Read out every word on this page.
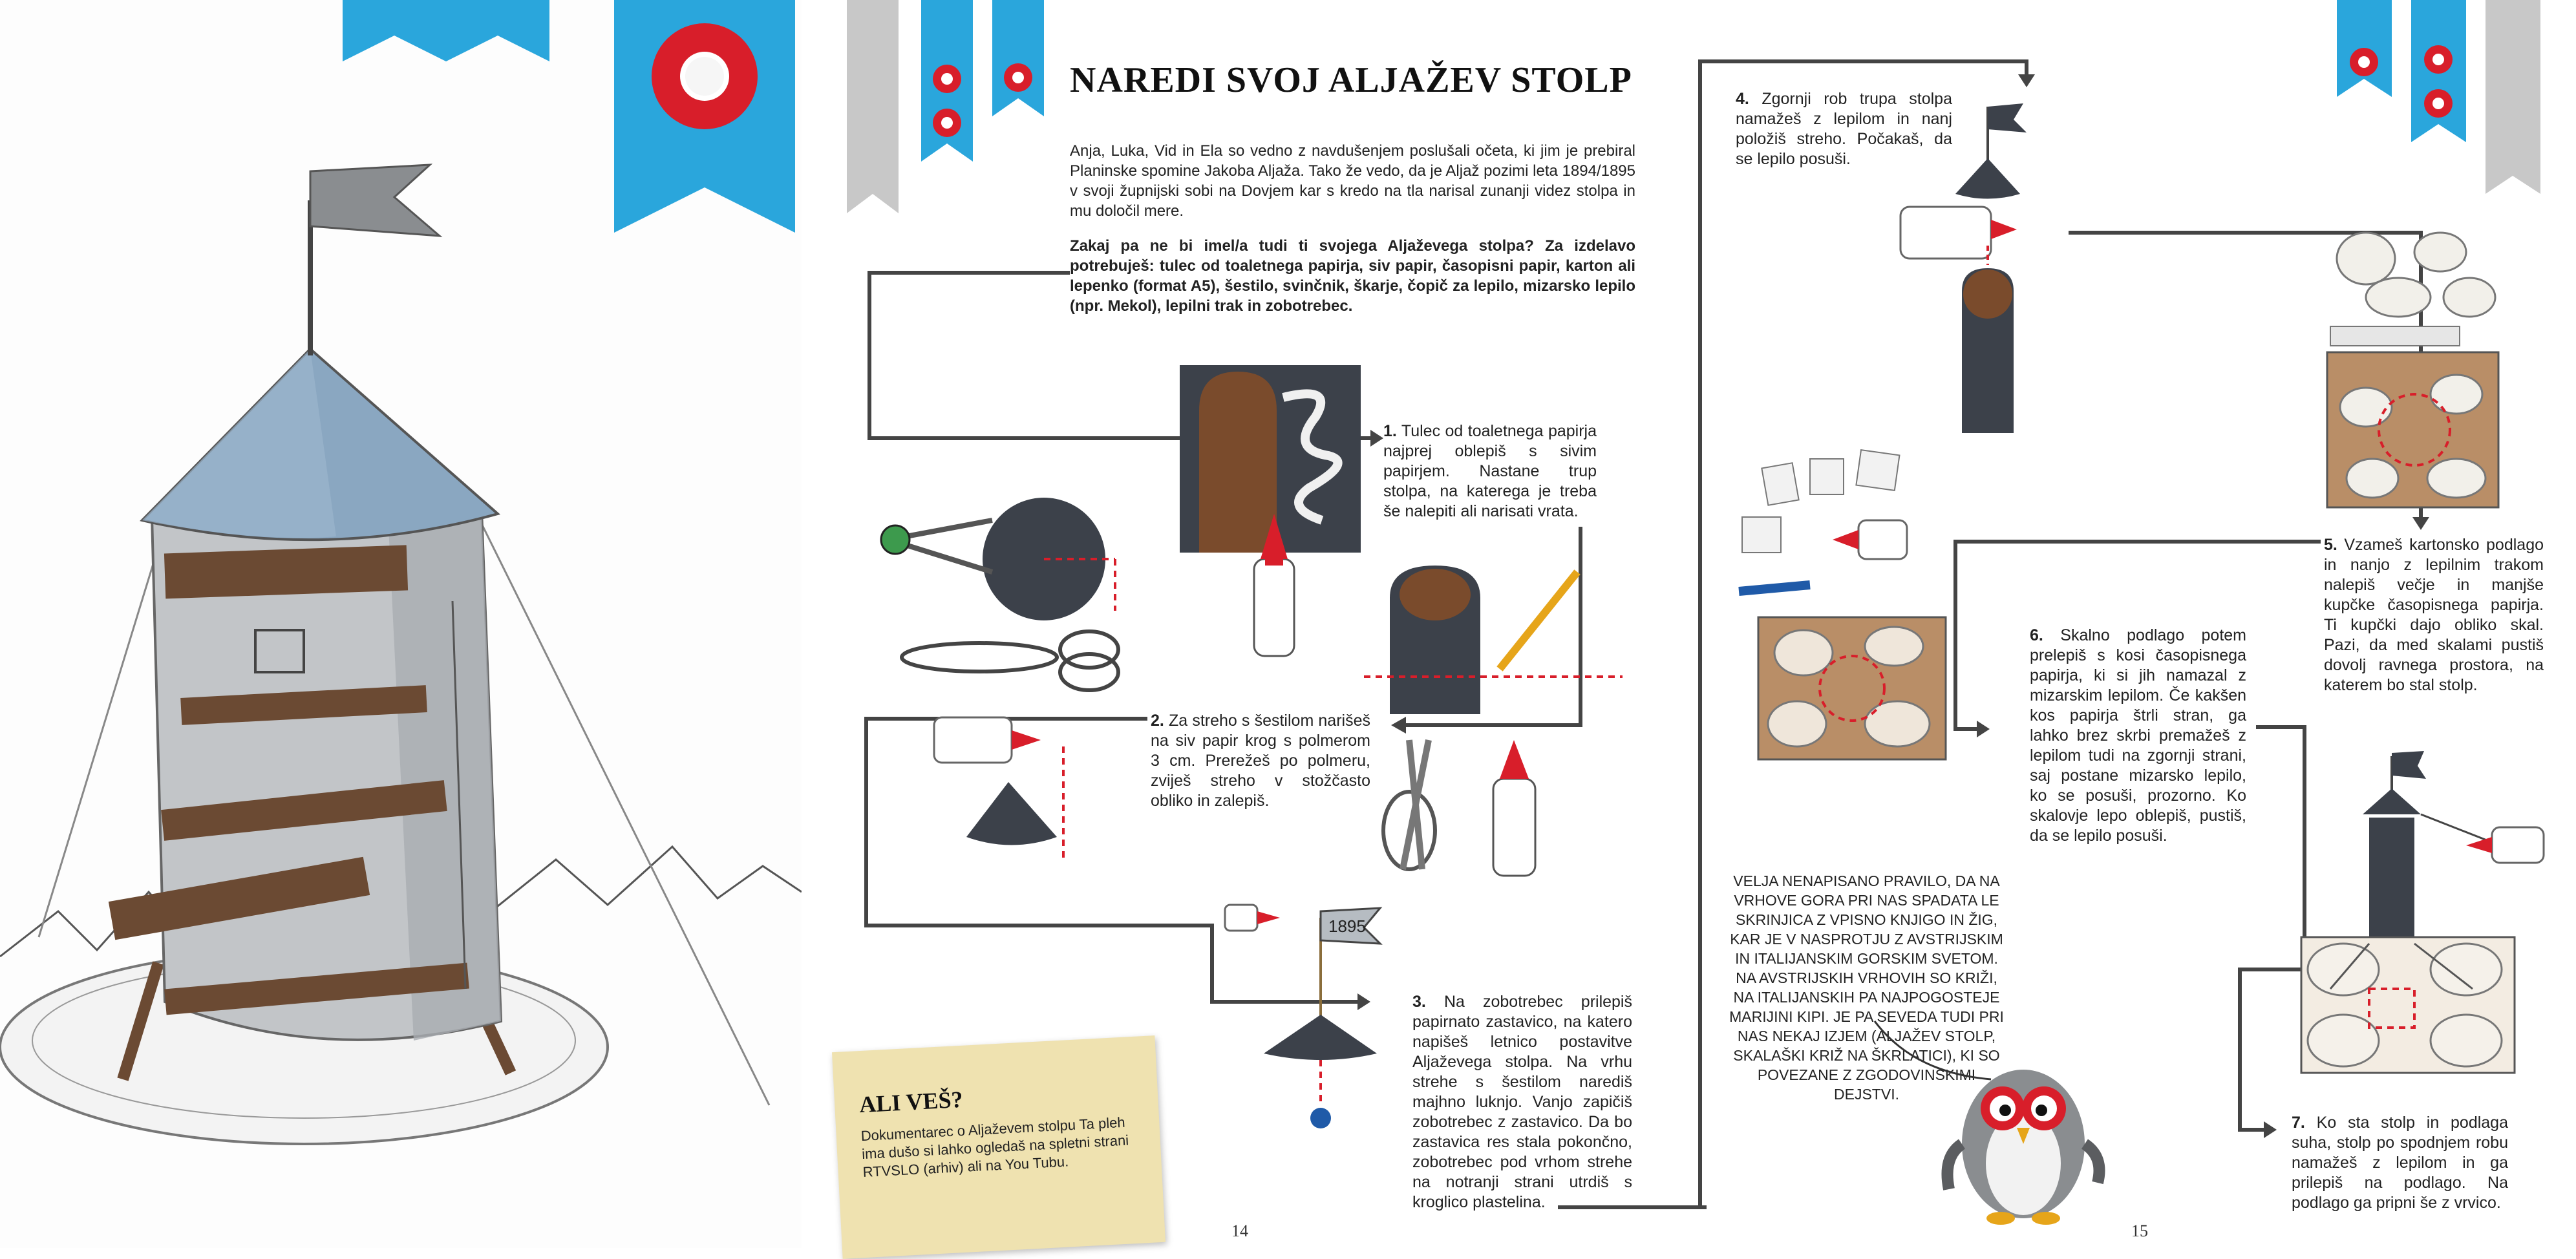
NAREDI SVOJ ALJAŽEV STOLP
Anja, Luka, Vid in Ela so vedno z navdušenjem poslušali očeta, ki jim je prebiral Planinske spomine Jakoba Aljaža. Tako že vedo, da je Aljaž pozimi leta 1894/1895 v svoji župnijski sobi na Dovjem kar s kredo na tla narisal zunanji videz stolpa in mu določil mere.
Zakaj pa ne bi imel/a tudi ti svojega Aljaževega stolpa? Za izdelavo potrebuješ: tulec od toaletnega papirja, siv papir, časopisni papir, karton ali lepenko (format A5), šestilo, svinčnik, škarje, čopič za lepilo, mizarsko lepilo (npr. Mekol), lepilni trak in zobotrebec.
1. Tulec od toaletnega papirja najprej oblepiš s sivim papirjem. Nastane trup stolpa, na katerega je treba še nalepiti ali narisati vrata.
2. Za streho s šestilom narišeš na siv papir krog s polmerom 3 cm. Prerežeš po polmeru, zviješ streho v stožčasto obliko in zalepiš.
1895
3. Na zobotrebec prilepiš papirnato zastavico, na katero napišeš letnico postavitve Aljaževega stolpa. Na vrhu strehe s šestilom narediš majhno luknjo. Vanjo zapičiš zobotrebec z zastavico. Da bo zastavica res stala pokončno, zobotrebec pod vrhom strehe na notranji strani utrdiš s kroglico plastelina.
ALI VEŠ?
Dokumentarec o Aljaževem stolpu Ta pleh ima dušo si lahko ogledaš na spletni strani RTVSLO (arhiv) ali na You Tubu.
14
4. Zgornji rob trupa stolpa namažeš z lepilom in nanj položiš streho. Počakaš, da se lepilo posuši.
5. Vzameš kartonsko podlago in nanjo z lepilnim trakom nalepiš večje in manjše kupčke časopisnega papirja. Ti kupčki dajo obliko skal. Pazi, da med skalami pustiš dovolj ravnega prostora, na katerem bo stal stolp.
6. Skalno podlago potem prelepiš s kosi časopisnega papirja, ki si jih namazal z mizarskim lepilom. Če kakšen kos papirja štrli stran, ga lahko brez skrbi premažeš z lepilom tudi na zgornji strani, saj postane mizarsko lepilo, ko se posuši, prozorno. Ko skalovje lepo oblepiš, pustiš, da se lepilo posuši.
7. Ko sta stolp in podlaga suha, stolp po spodnjem robu namažeš z lepilom in ga prilepiš na podlago. Na podlago ga pripni še z vrvico.
VELJA NENAPISANO PRAVILO, DA NA VRHOVE GORA PRI NAS SPADATA LE SKRINJICA Z VPISNO KNJIGO IN ŽIG, KAR JE V NASPROTJU Z AVSTRIJSKIM IN ITALIJANSKIM GORSKIM SVETOM. NA AVSTRIJSKIH VRHOVIH SO KRIŽI, NA ITALIJANSKIH PA NAJPOGOSTEJE MARIJINI KIPI. JE PA SEVEDA TUDI PRI NAS NEKAJ IZJEM (ALJAŽEV STOLP, SKALAŠKI KRIŽ NA ŠKRLATICI), KI SO POVEZANE Z ZGODOVINSKIMI DEJSTVI.
15
